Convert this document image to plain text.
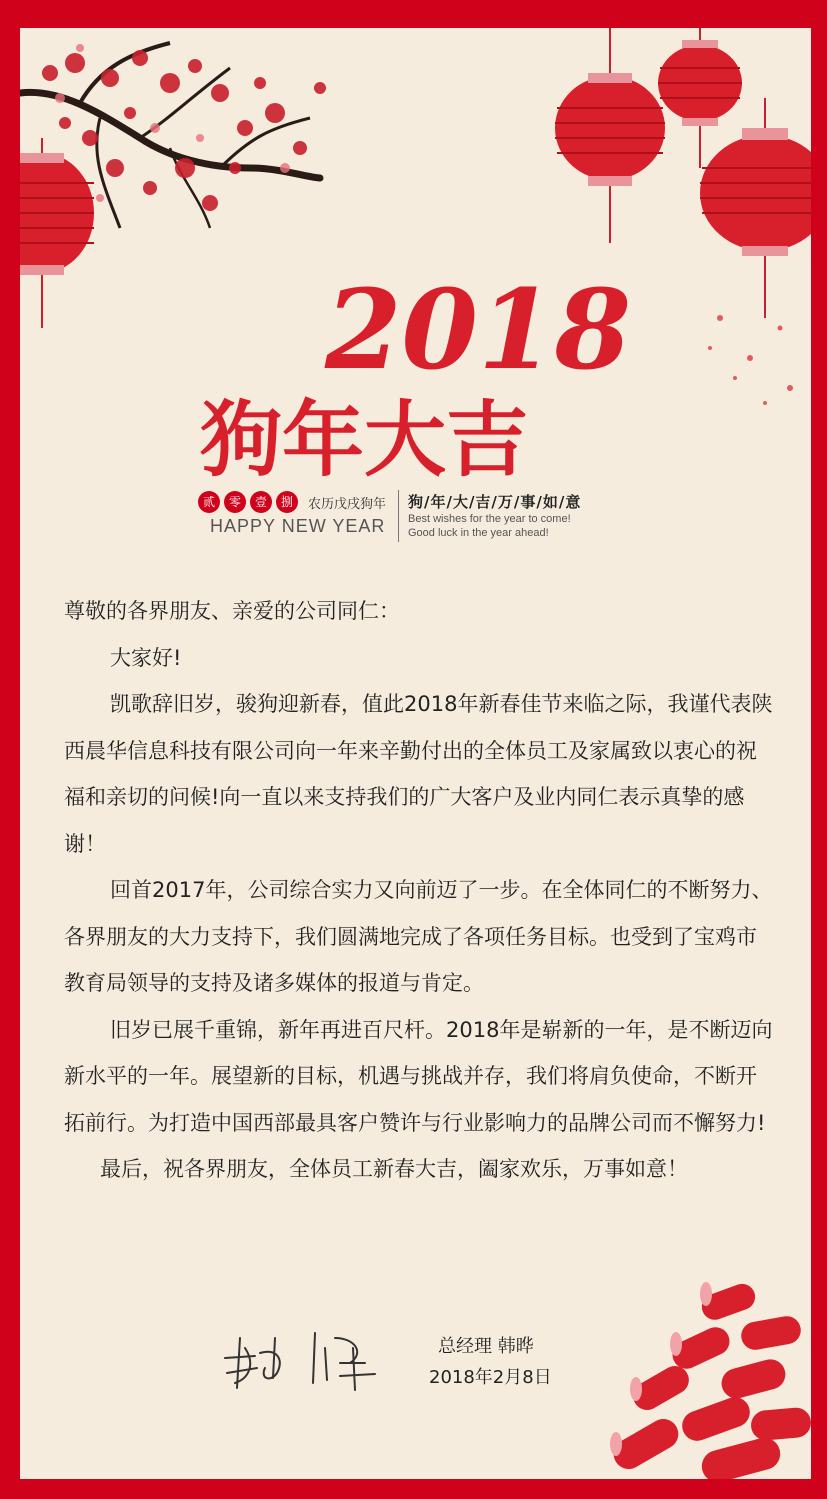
2018
狗年大吉
贰	零	壹	捌	农历戊戌狗年
HAPPY NEW YEAR
狗/年/大/吉/万/事/如/意
Best wishes for the year to come!
Good luck in the year ahead!

尊敬的各界朋友、亲爱的公司同仁：

大家好!

凯歌辞旧岁，骏狗迎新春，值此2018年新春佳节来临之际，我谨代表陕西晨华信息科技有限公司向一年来辛勤付出的全体员工及家属致以衷心的祝福和亲切的问候!向一直以来支持我们的广大客户及业内同仁表示真挚的感谢！

回首2017年，公司综合实力又向前迈了一步。在全体同仁的不断努力、各界朋友的大力支持下，我们圆满地完成了各项任务目标。也受到了宝鸡市教育局领导的支持及诸多媒体的报道与肯定。

旧岁已展千重锦，新年再进百尺杆。2018年是崭新的一年，是不断迈向新水平的一年。展望新的目标，机遇与挑战并存，我们将肩负使命，不断开拓前行。为打造中国西部最具客户赞许与行业影响力的品牌公司而不懈努力!

最后，祝各界朋友，全体员工新春大吉，阖家欢乐，万事如意！

总经理 韩晔
2018年2月8日
